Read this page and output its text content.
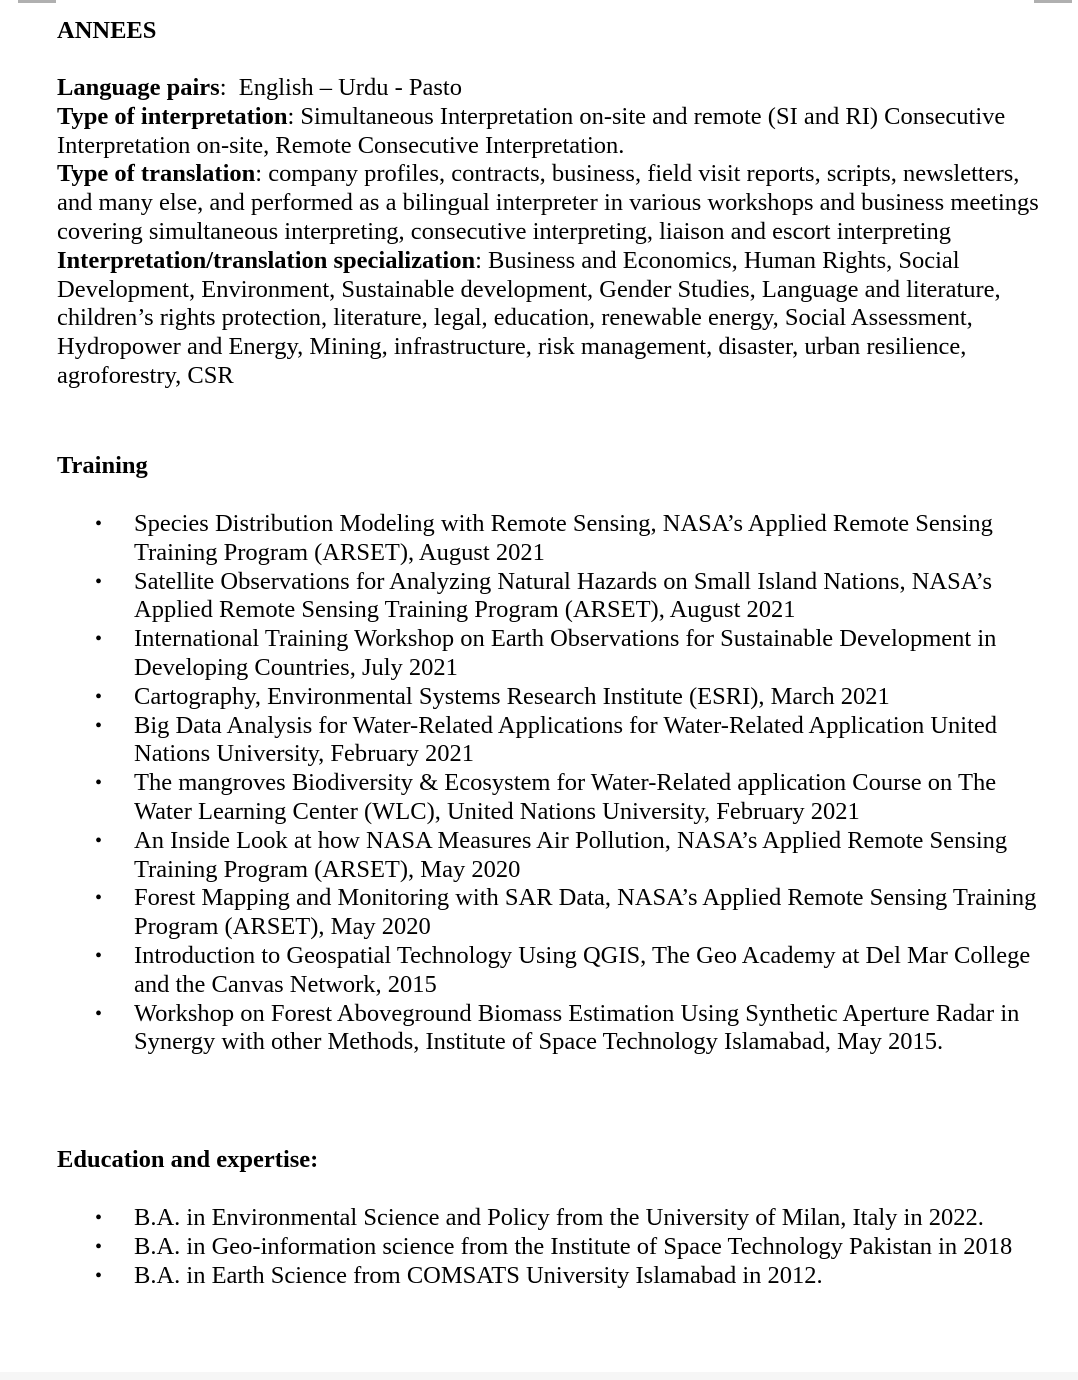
ANNEES

Language pairs:  English – Urdu - Pasto

Type of interpretation: Simultaneous Interpretation on-site and remote (SI and RI) Consecutive Interpretation on-site, Remote Consecutive Interpretation.

Type of translation: company profiles, contracts, business, field visit reports, scripts, newsletters, and many else, and performed as a bilingual interpreter in various workshops and business meetings covering simultaneous interpreting, consecutive interpreting, liaison and escort interpreting

Interpretation/translation specialization: Business and Economics, Human Rights, Social Development, Environment, Sustainable development, Gender Studies, Language and literature, children’s rights protection, literature, legal, education, renewable energy, Social Assessment, Hydropower and Energy, Mining, infrastructure, risk management, disaster, urban resilience, agroforestry, CSR

Training
• Species Distribution Modeling with Remote Sensing, NASA’s Applied Remote Sensing Training Program (ARSET), August 2021
• Satellite Observations for Analyzing Natural Hazards on Small Island Nations, NASA’s Applied Remote Sensing Training Program (ARSET), August 2021
• International Training Workshop on Earth Observations for Sustainable Development in Developing Countries, July 2021
• Cartography, Environmental Systems Research Institute (ESRI), March 2021
• Big Data Analysis for Water-Related Applications for Water-Related Application United Nations University, February 2021
• The mangroves Biodiversity & Ecosystem for Water-Related application Course on The Water Learning Center (WLC), United Nations University, February 2021
• An Inside Look at how NASA Measures Air Pollution, NASA’s Applied Remote Sensing Training Program (ARSET), May 2020
• Forest Mapping and Monitoring with SAR Data, NASA’s Applied Remote Sensing Training Program (ARSET), May 2020
• Introduction to Geospatial Technology Using QGIS, The Geo Academy at Del Mar College and the Canvas Network, 2015
• Workshop on Forest Aboveground Biomass Estimation Using Synthetic Aperture Radar in Synergy with other Methods, Institute of Space Technology Islamabad, May 2015.
Education and expertise:
• B.A. in Environmental Science and Policy from the University of Milan, Italy in 2022.
• B.A. in Geo-information science from the Institute of Space Technology Pakistan in 2018
• B.A. in Earth Science from COMSATS University Islamabad in 2012.
